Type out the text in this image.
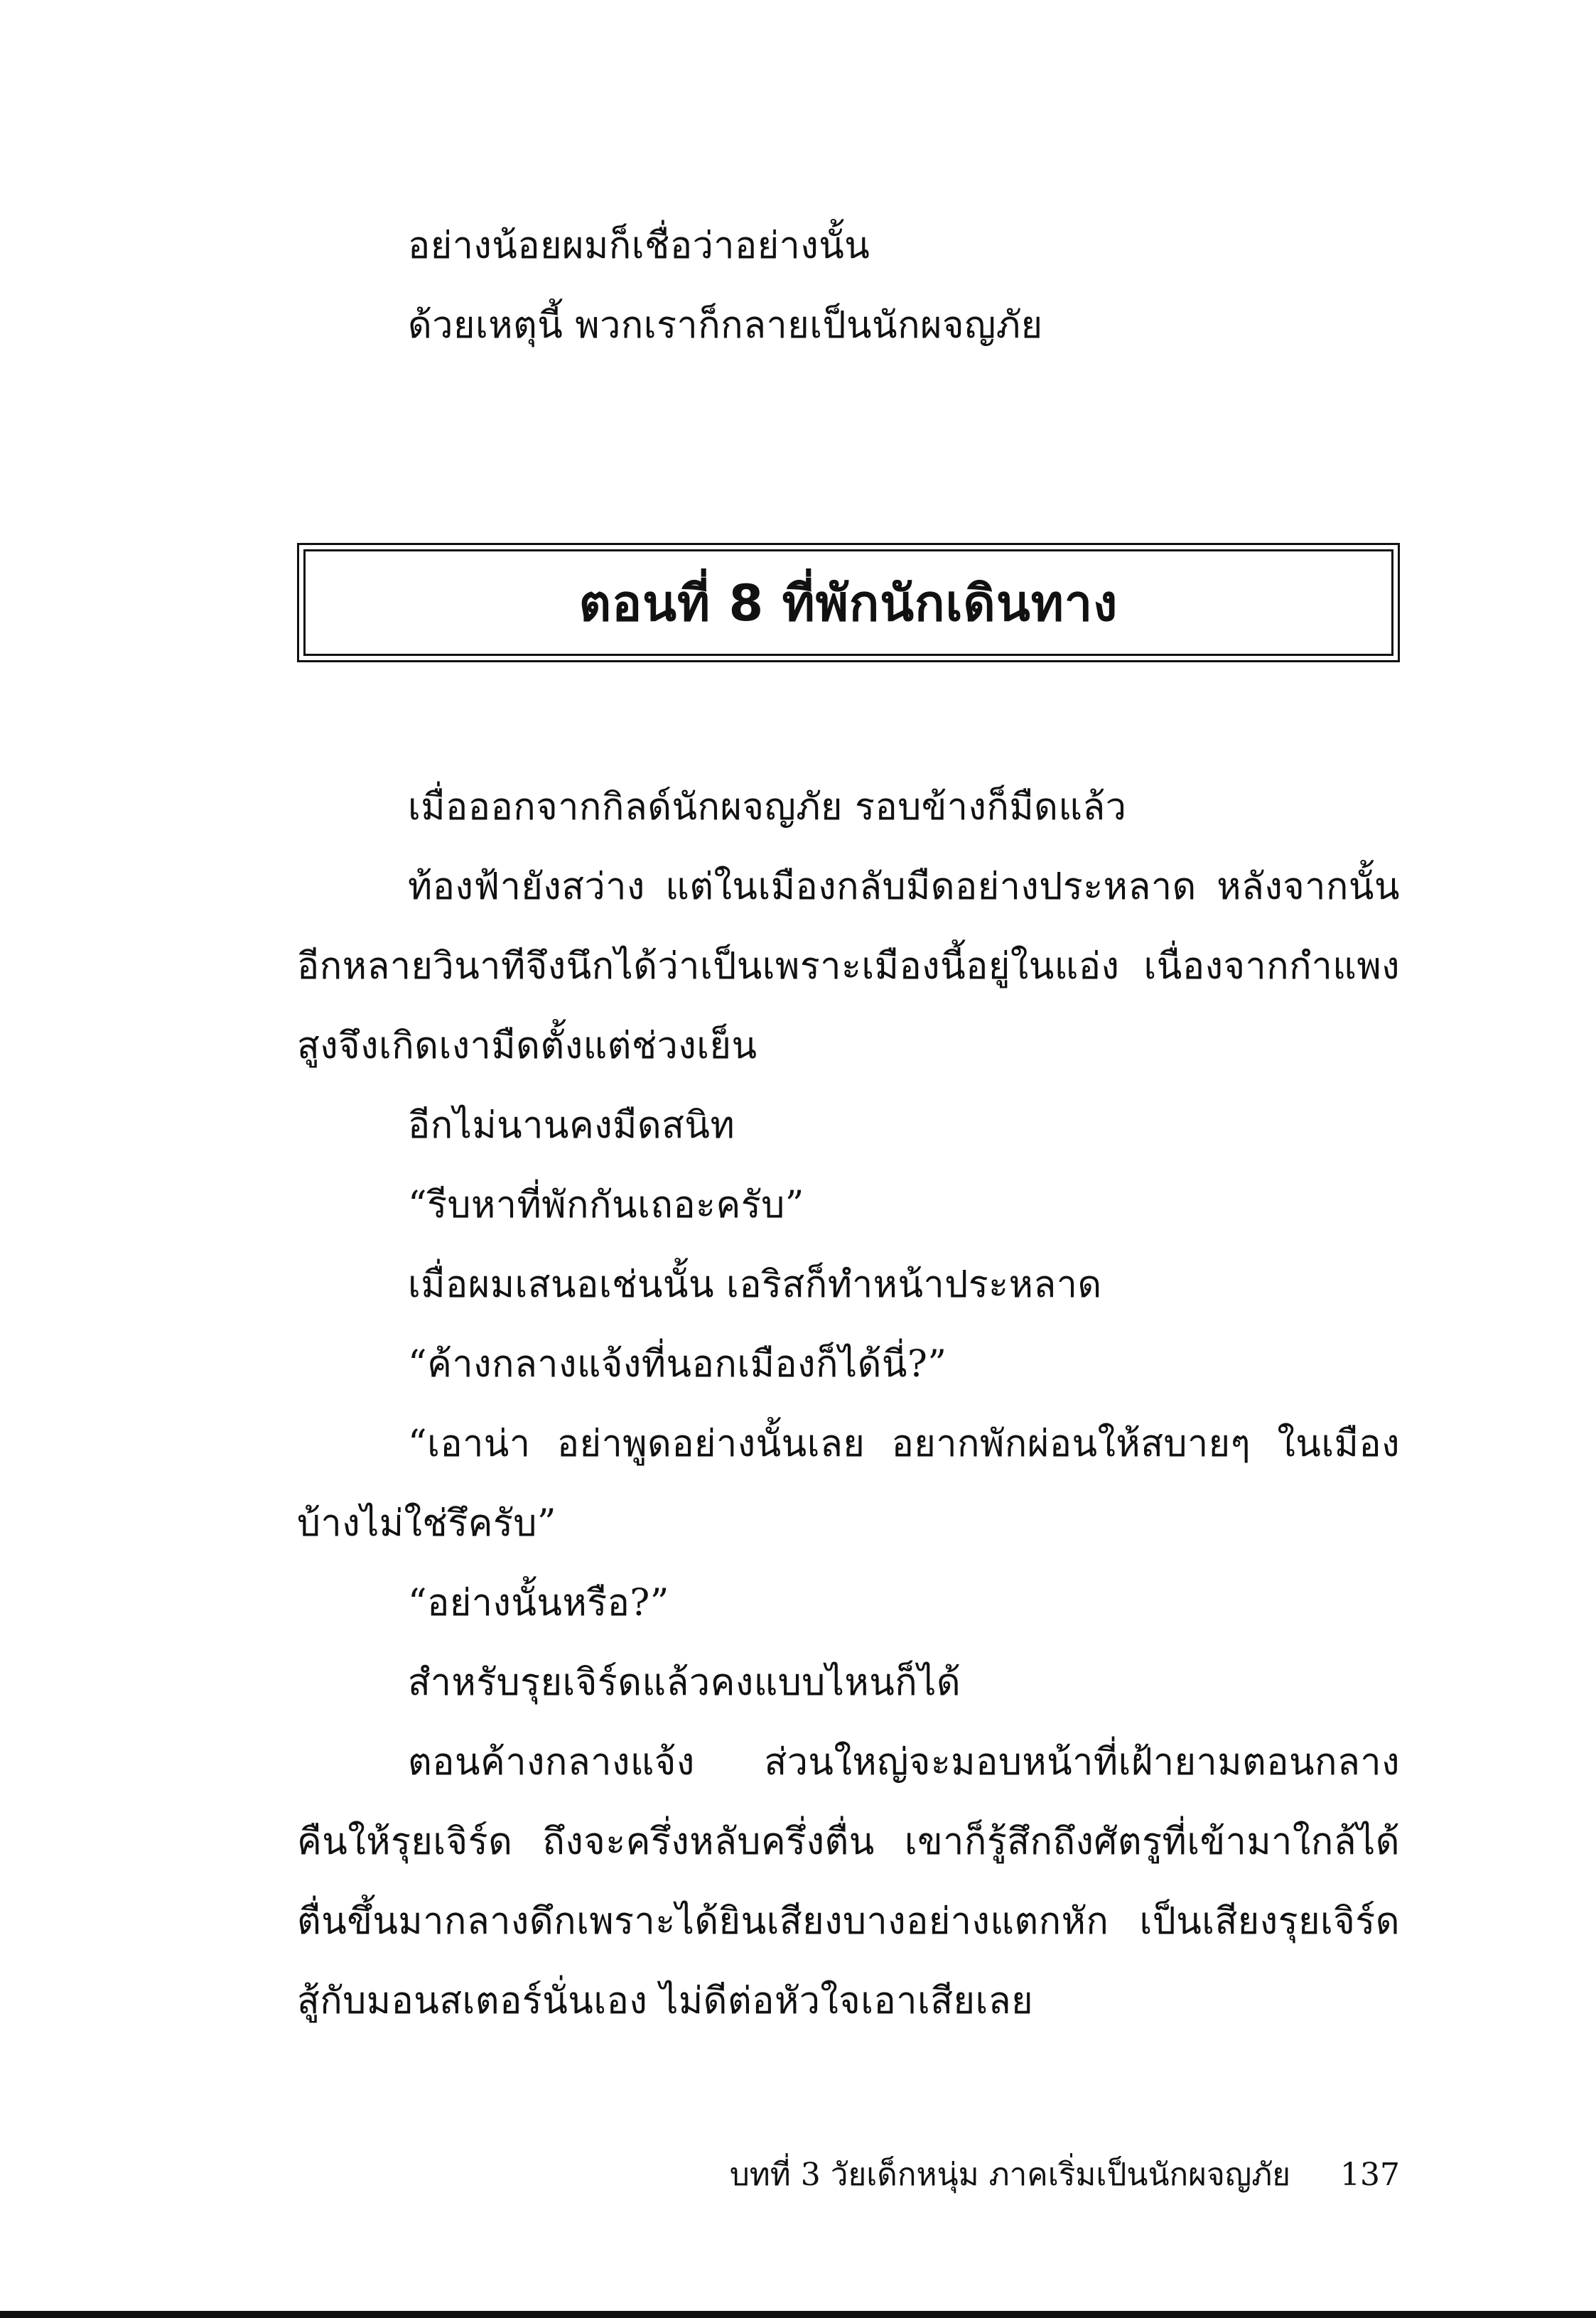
อย่างน้อยผมก็เชื่อว่าอย่างนั้น
ด้วยเหตุนี้ พวกเราก็กลายเป็นนักผจญภัย
ตอนที่ 8 ที่พักนักเดินทาง
เมื่อออกจากกิลด์นักผจญภัย รอบข้างก็มืดแล้ว
ท้องฟ้ายังสว่าง แต่ในเมืองกลับมืดอย่างประหลาด หลังจากนั้น
อีกหลายวินาทีจึงนึกได้ว่าเป็นเพราะเมืองนี้อยู่ในแอ่ง เนื่องจากกำแพง
สูงจึงเกิดเงามืดตั้งแต่ช่วงเย็น
อีกไม่นานคงมืดสนิท
“รีบหาที่พักกันเถอะครับ”
เมื่อผมเสนอเช่นนั้น เอริสก็ทำหน้าประหลาด
“ค้างกลางแจ้งที่นอกเมืองก็ได้นี่?”
“เอาน่า อย่าพูดอย่างนั้นเลย อยากพักผ่อนให้สบายๆ ในเมือง
บ้างไม่ใช่รึครับ”
“อย่างนั้นหรือ?”
สำหรับรุยเจิร์ดแล้วคงแบบไหนก็ได้
ตอนค้างกลางแจ้ง ส่วนใหญ่จะมอบหน้าที่เฝ้ายามตอนกลาง
คืนให้รุยเจิร์ด ถึงจะครึ่งหลับครึ่งตื่น เขาก็รู้สึกถึงศัตรูที่เข้ามาใกล้ได้
ตื่นขึ้นมากลางดึกเพราะได้ยินเสียงบางอย่างแตกหัก เป็นเสียงรุยเจิร์ด
สู้กับมอนสเตอร์นั่นเอง ไม่ดีต่อหัวใจเอาเสียเลย
บทที่ 3 วัยเด็กหนุ่ม ภาคเริ่มเป็นนักผจญภัย 137
